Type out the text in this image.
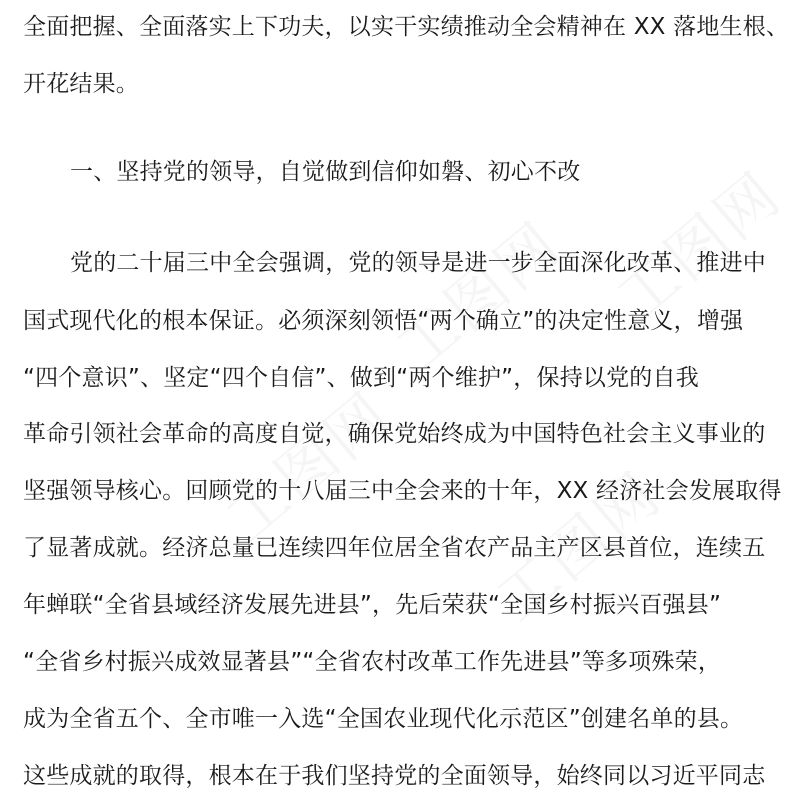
工图网 工图网
工图网 工图网
全面把握、全面落实上下功夫，以实干实绩推动全会精神在 XX 落地生根、
开花结果。
一、坚持党的领导，自觉做到信仰如磐、初心不改
党的二十届三中全会强调，党的领导是进一步全面深化改革、推进中
国式现代化的根本保证。必须深刻领悟“两个确立”的决定性意义，增强
“四个意识”、坚定“四个自信”、做到“两个维护”，保持以党的自我
革命引领社会革命的高度自觉，确保党始终成为中国特色社会主义事业的
坚强领导核心。回顾党的十八届三中全会来的十年，XX 经济社会发展取得
了显著成就。经济总量已连续四年位居全省农产品主产区县首位，连续五
年蝉联“全省县域经济发展先进县”，先后荣获“全国乡村振兴百强县”
“全省乡村振兴成效显著县”“全省农村改革工作先进县”等多项殊荣，
成为全省五个、全市唯一入选“全国农业现代化示范区”创建名单的县。
这些成就的取得，根本在于我们坚持党的全面领导，始终同以习近平同志
